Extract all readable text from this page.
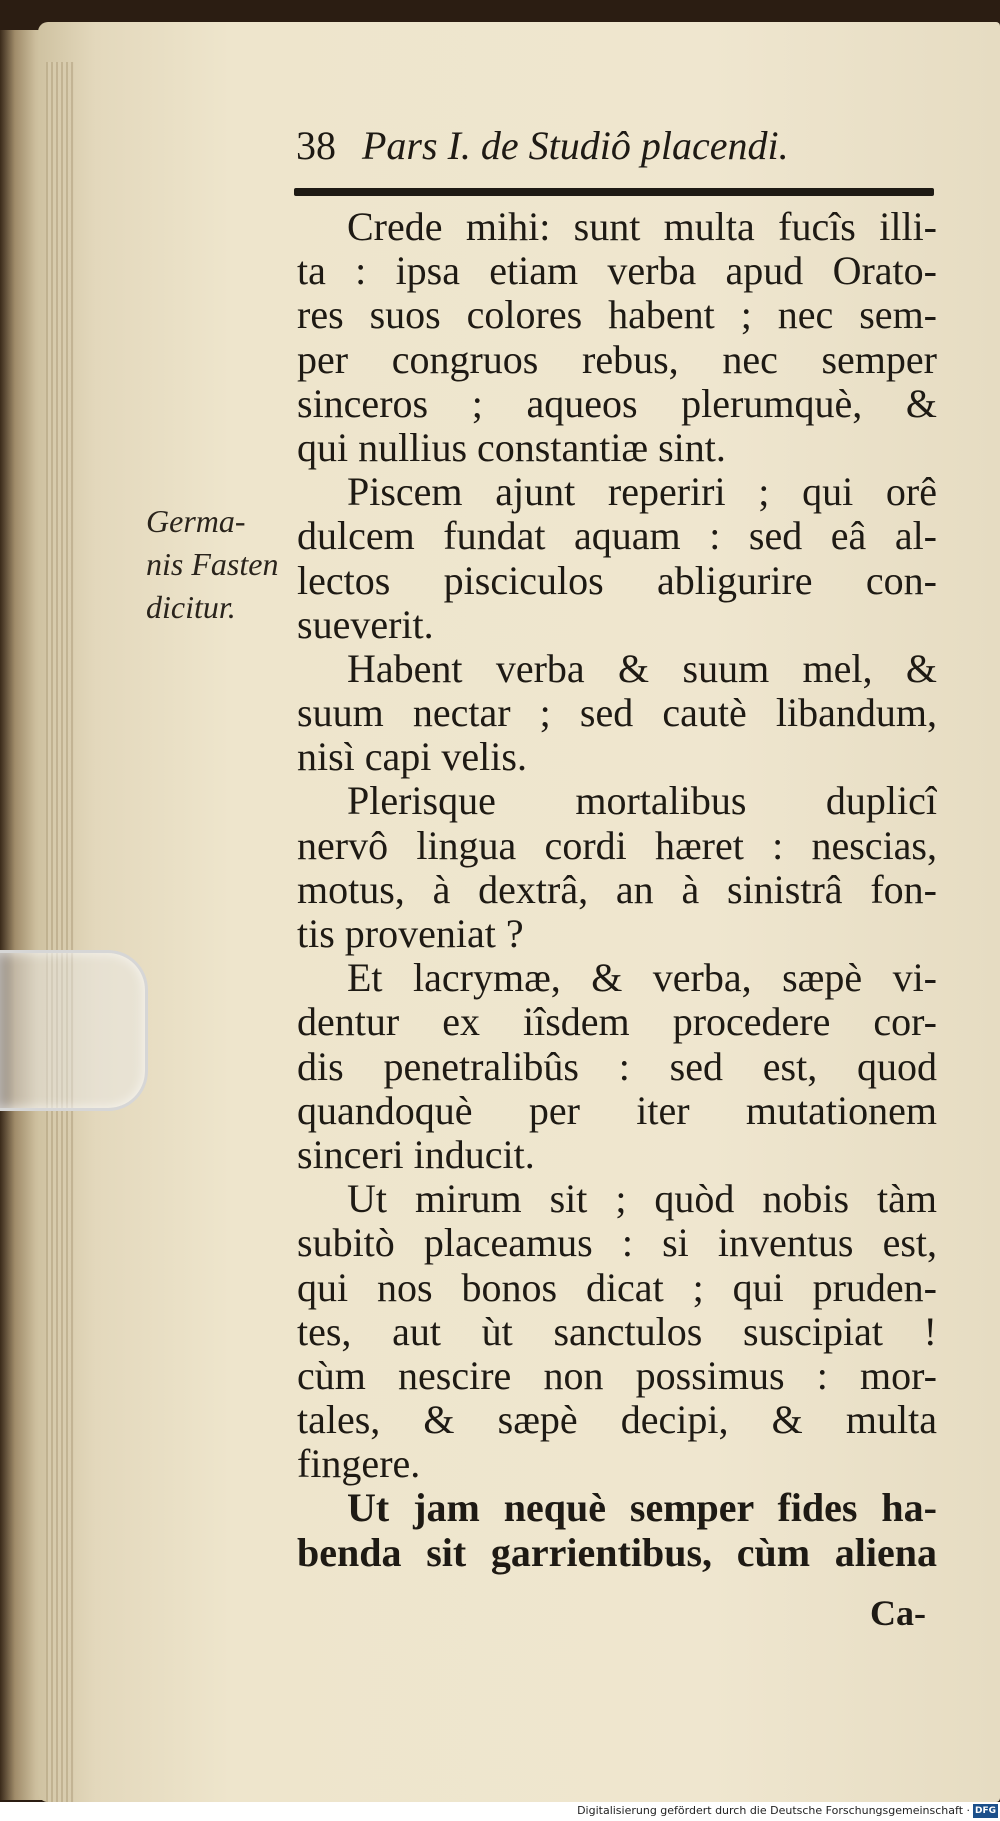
38 Pars I. de Studiô placendi.
Germa-
nis Fasten
dicitur.
Crede mihi: sunt multa fucîs illi-
ta : ipsa etiam verba apud Orato-
res suos colores habent ; nec sem-
per congruos rebus, nec semper
sinceros ; aqueos plerumquè, &
qui nullius constantiæ sint.
Piscem ajunt reperiri ; qui orê
dulcem fundat aquam : sed eâ al-
lectos pisciculos abligurire con-
sueverit.
Habent verba & suum mel, &
suum nectar ; sed cautè libandum,
nisì capi velis.
Plerisque mortalibus duplicî
nervô lingua cordi hæret : nescias,
motus, à dextrâ, an à sinistrâ fon-
tis proveniat ?
Et lacrymæ, & verba, sæpè vi-
dentur ex iîsdem procedere cor-
dis penetralibûs : sed est, quod
quandoquè per iter mutationem
sinceri inducit.
Ut mirum sit ; quòd nobis tàm
subitò placeamus : si inventus est,
qui nos bonos dicat ; qui pruden-
tes, aut ùt sanctulos suscipiat !
cùm nescire non possimus : mor-
tales, & sæpè decipi, & multa
fingere.
Ut jam nequè semper fides ha-
benda sit garrientibus, cùm aliena
Ca-
Digitalisierung gefördert durch die Deutsche Forschungsgemeinschaft · DFG
